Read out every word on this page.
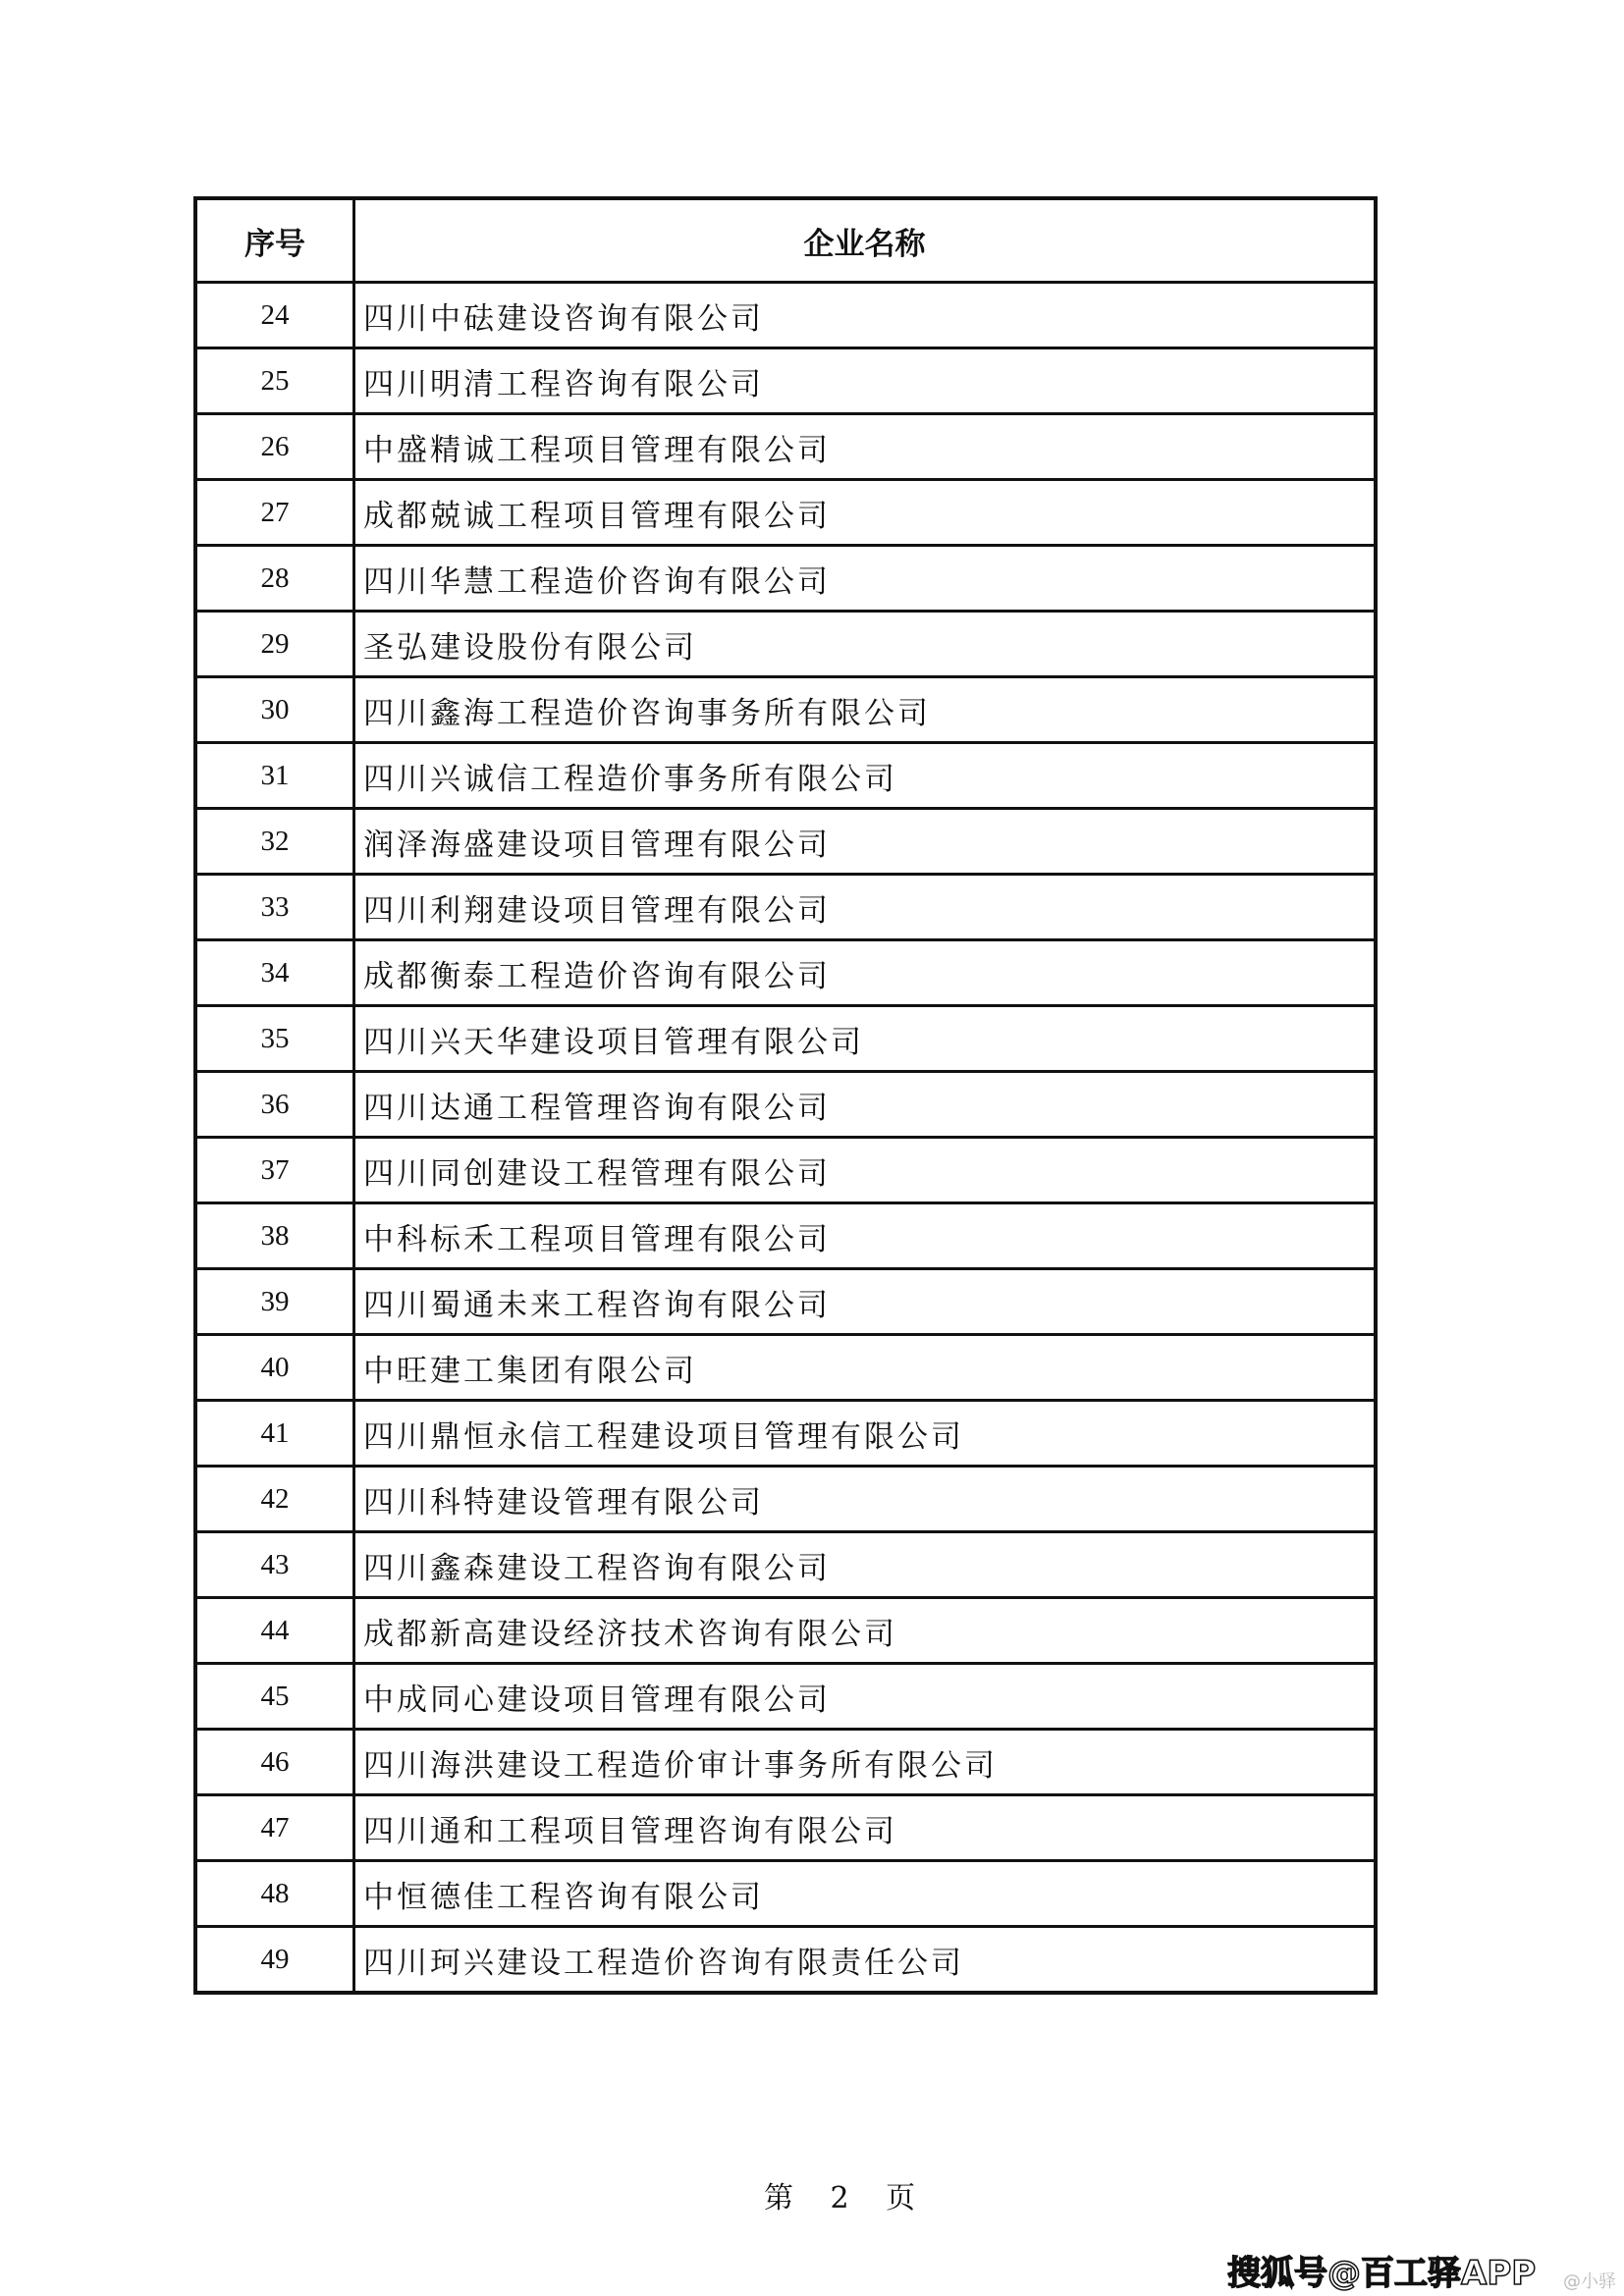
序号	企业名称
24	四川中砝建设咨询有限公司
25	四川明清工程咨询有限公司
26	中盛精诚工程项目管理有限公司
27	成都兢诚工程项目管理有限公司
28	四川华慧工程造价咨询有限公司
29	圣弘建设股份有限公司
30	四川鑫海工程造价咨询事务所有限公司
31	四川兴诚信工程造价事务所有限公司
32	润泽海盛建设项目管理有限公司
33	四川利翔建设项目管理有限公司
34	成都衡泰工程造价咨询有限公司
35	四川兴天华建设项目管理有限公司
36	四川达通工程管理咨询有限公司
37	四川同创建设工程管理有限公司
38	中科标禾工程项目管理有限公司
39	四川蜀通未来工程咨询有限公司
40	中旺建工集团有限公司
41	四川鼎恒永信工程建设项目管理有限公司
42	四川科特建设管理有限公司
43	四川鑫森建设工程咨询有限公司
44	成都新高建设经济技术咨询有限公司
45	中成同心建设项目管理有限公司
46	四川海洪建设工程造价审计事务所有限公司
47	四川通和工程项目管理咨询有限公司
48	中恒德佳工程咨询有限公司
49	四川珂兴建设工程造价咨询有限责任公司
第 2 页
搜狐号@百工驿APP @小驿
